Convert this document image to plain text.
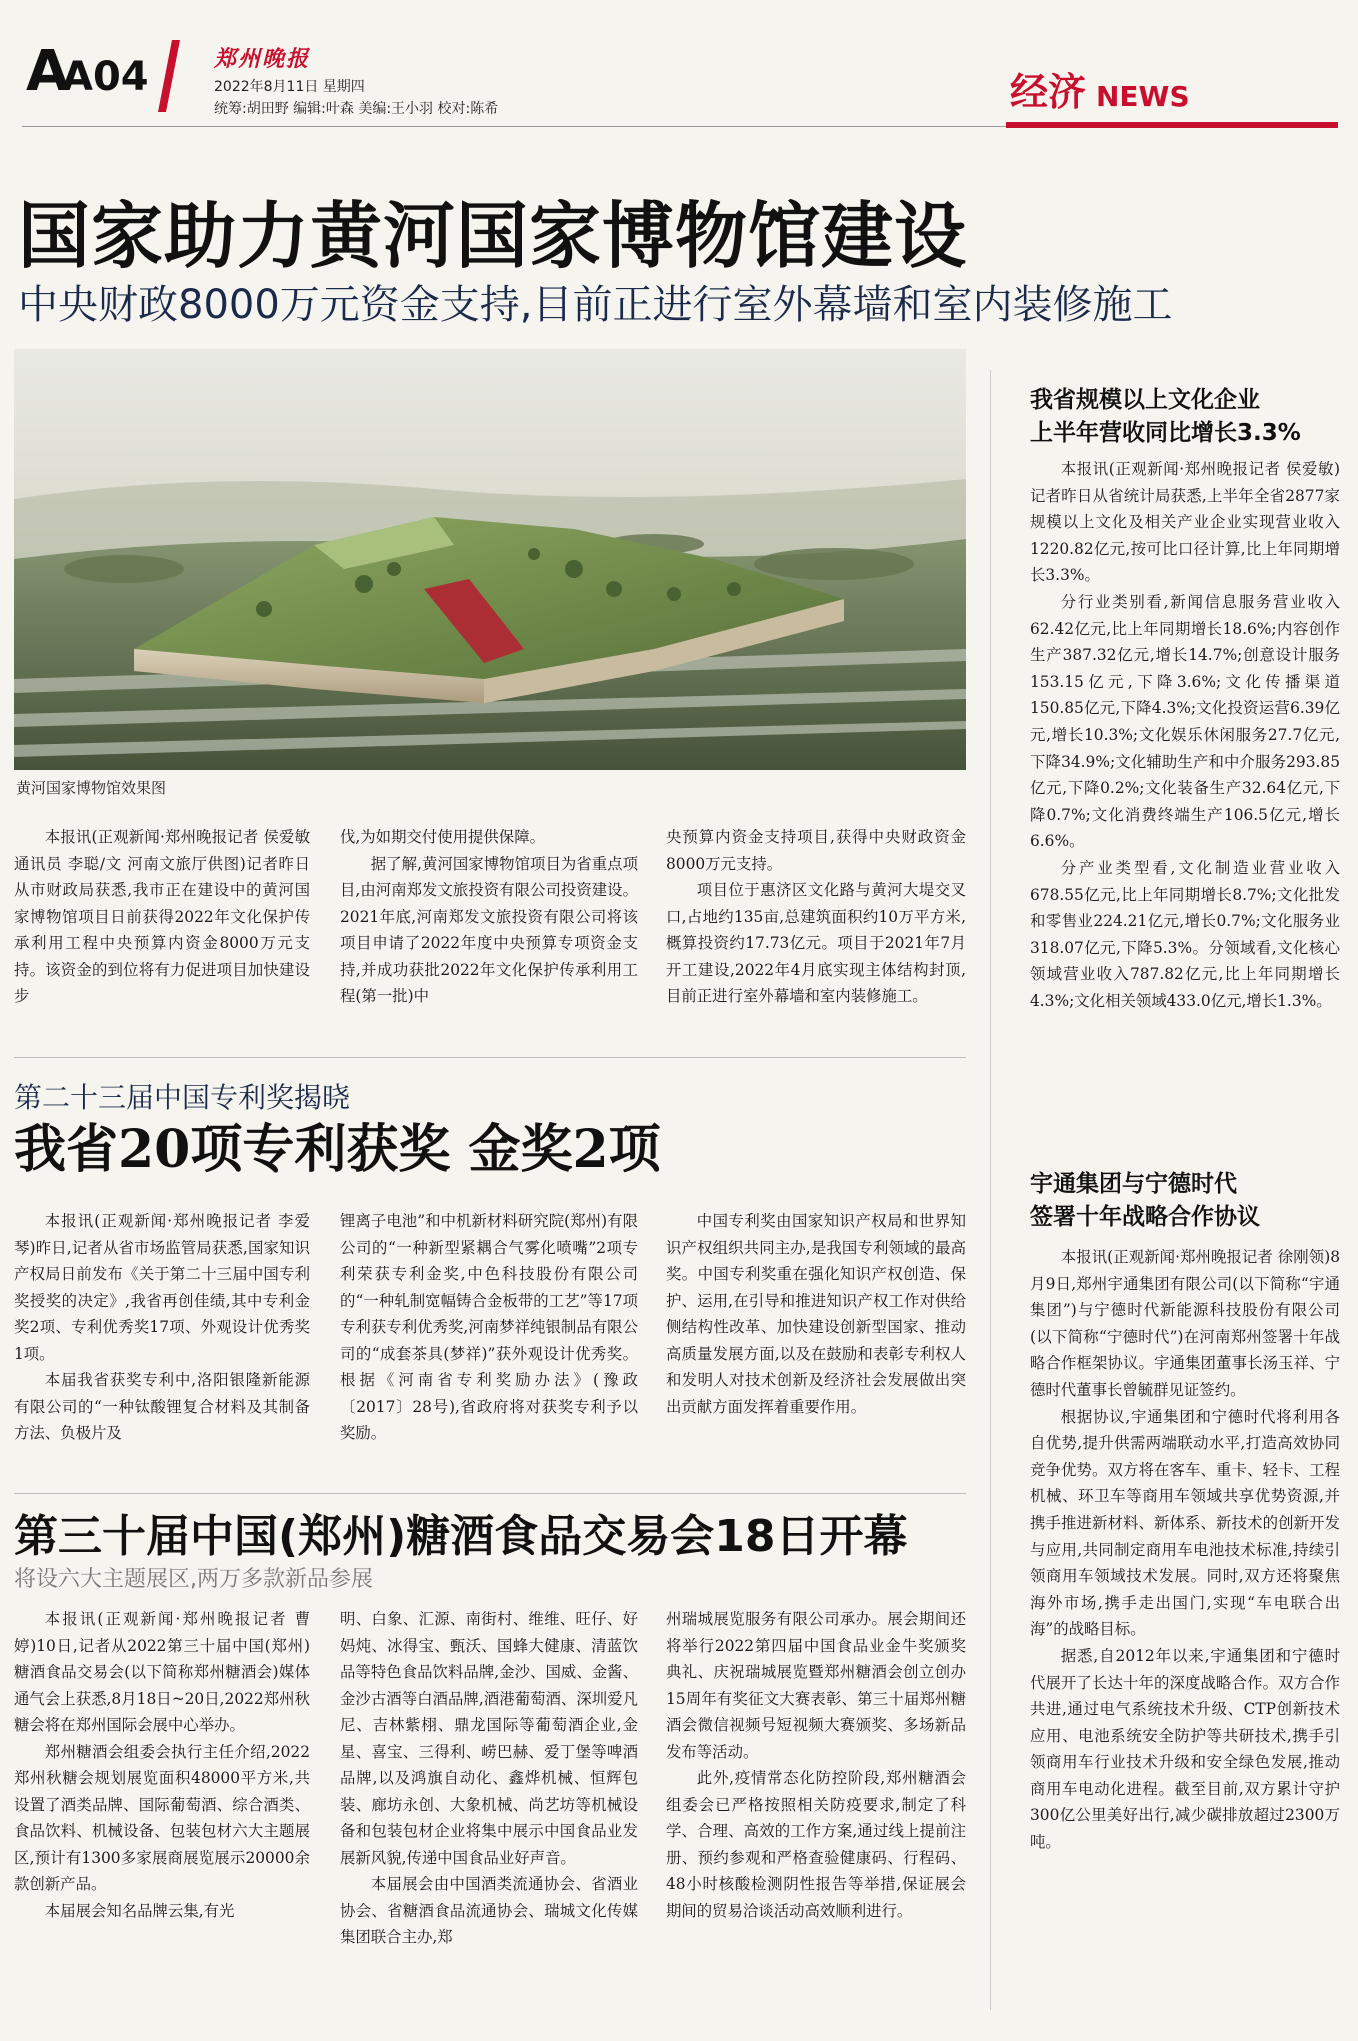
A
A04	郑州晚报
2022年8月11日 星期四
统筹:胡田野 编辑:叶森 美编:王小羽 校对:陈希	经济 NEWS
国家助力黄河国家博物馆建设
中央财政8000万元资金支持,目前正进行室外幕墙和室内装修施工
黄河国家博物馆效果图

本报讯(正观新闻·郑州晚报记者 侯爱敏 通讯员 李聪/文 河南文旅厅供图)记者昨日从市财政局获悉,我市正在建设中的黄河国家博物馆项目日前获得2022年文化保护传承利用工程中央预算内资金8000万元支持。该资金的到位将有力促进项目加快建设步

伐,为如期交付使用提供保障。

据了解,黄河国家博物馆项目为省重点项目,由河南郑发文旅投资有限公司投资建设。2021年底,河南郑发文旅投资有限公司将该项目申请了2022年度中央预算专项资金支持,并成功获批2022年文化保护传承利用工程(第一批)中

央预算内资金支持项目,获得中央财政资金8000万元支持。

项目位于惠济区文化路与黄河大堤交叉口,占地约135亩,总建筑面积约10万平方米,概算投资约17.73亿元。项目于2021年7月开工建设,2022年4月底实现主体结构封顶,目前正进行室外幕墙和室内装修施工。

第二十三届中国专利奖揭晓
我省20项专利获奖 金奖2项

本报讯(正观新闻·郑州晚报记者 李爱琴)昨日,记者从省市场监管局获悉,国家知识产权局日前发布《关于第二十三届中国专利奖授奖的决定》,我省再创佳绩,其中专利金奖2项、专利优秀奖17项、外观设计优秀奖1项。

本届我省获奖专利中,洛阳银隆新能源有限公司的“一种钛酸锂复合材料及其制备方法、负极片及

锂离子电池”和中机新材料研究院(郑州)有限公司的“一种新型紧耦合气雾化喷嘴”2项专利荣获专利金奖,中色科技股份有限公司的“一种轧制宽幅铸合金板带的工艺”等17项专利获专利优秀奖,河南梦祥纯银制品有限公司的“成套茶具(梦祥)”获外观设计优秀奖。根据《河南省专利奖励办法》(豫政〔2017〕28号),省政府将对获奖专利予以奖励。

中国专利奖由国家知识产权局和世界知识产权组织共同主办,是我国专利领域的最高奖。中国专利奖重在强化知识产权创造、保护、运用,在引导和推进知识产权工作对供给侧结构性改革、加快建设创新型国家、推动高质量发展方面,以及在鼓励和表彰专利权人和发明人对技术创新及经济社会发展做出突出贡献方面发挥着重要作用。

第三十届中国(郑州)糖酒食品交易会18日开幕
将设六大主题展区,两万多款新品参展

本报讯(正观新闻·郑州晚报记者 曹婷)10日,记者从2022第三十届中国(郑州)糖酒食品交易会(以下简称郑州糖酒会)媒体通气会上获悉,8月18日~20日,2022郑州秋糖会将在郑州国际会展中心举办。

郑州糖酒会组委会执行主任介绍,2022郑州秋糖会规划展览面积48000平方米,共设置了酒类品牌、国际葡萄酒、综合酒类、食品饮料、机械设备、包装包材六大主题展区,预计有1300多家展商展览展示20000余款创新产品。

本届展会知名品牌云集,有光

明、白象、汇源、南街村、维维、旺仔、好妈炖、冰得宝、甄沃、国蜂大健康、清蓝饮品等特色食品饮料品牌,金沙、国威、金酱、金沙古酒等白酒品牌,酒港葡萄酒、深圳爱凡尼、吉林紫栩、鼎龙国际等葡萄酒企业,金星、喜宝、三得利、崂巴赫、爱丁堡等啤酒品牌,以及鸿旗自动化、鑫烨机械、恒辉包装、廊坊永创、大象机械、尚艺坊等机械设备和包装包材企业将集中展示中国食品业发展新风貌,传递中国食品业好声音。

本届展会由中国酒类流通协会、省酒业协会、省糖酒食品流通协会、瑞城文化传媒集团联合主办,郑

州瑞城展览服务有限公司承办。展会期间还将举行2022第四届中国食品业金牛奖颁奖典礼、庆祝瑞城展览暨郑州糖酒会创立创办15周年有奖征文大赛表彰、第三十届郑州糖酒会微信视频号短视频大赛颁奖、多场新品发布等活动。

此外,疫情常态化防控阶段,郑州糖酒会组委会已严格按照相关防疫要求,制定了科学、合理、高效的工作方案,通过线上提前注册、预约参观和严格查验健康码、行程码、48小时核酸检测阴性报告等举措,保证展会期间的贸易洽谈活动高效顺利进行。

我省规模以上文化企业
上半年营收同比增长3.3%

本报讯(正观新闻·郑州晚报记者 侯爱敏)记者昨日从省统计局获悉,上半年全省2877家规模以上文化及相关产业企业实现营业收入1220.82亿元,按可比口径计算,比上年同期增长3.3%。

分行业类别看,新闻信息服务营业收入62.42亿元,比上年同期增长18.6%;内容创作生产387.32亿元,增长14.7%;创意设计服务153.15亿元,下降3.6%;文化传播渠道150.85亿元,下降4.3%;文化投资运营6.39亿元,增长10.3%;文化娱乐休闲服务27.7亿元,下降34.9%;文化辅助生产和中介服务293.85亿元,下降0.2%;文化装备生产32.64亿元,下降0.7%;文化消费终端生产106.5亿元,增长6.6%。

分产业类型看,文化制造业营业收入678.55亿元,比上年同期增长8.7%;文化批发和零售业224.21亿元,增长0.7%;文化服务业318.07亿元,下降5.3%。分领域看,文化核心领域营业收入787.82亿元,比上年同期增长4.3%;文化相关领域433.0亿元,增长1.3%。

宇通集团与宁德时代
签署十年战略合作协议

本报讯(正观新闻·郑州晚报记者 徐刚领)8月9日,郑州宇通集团有限公司(以下简称“宇通集团”)与宁德时代新能源科技股份有限公司(以下简称“宁德时代”)在河南郑州签署十年战略合作框架协议。宇通集团董事长汤玉祥、宁德时代董事长曾毓群见证签约。

根据协议,宇通集团和宁德时代将利用各自优势,提升供需两端联动水平,打造高效协同竞争优势。双方将在客车、重卡、轻卡、工程机械、环卫车等商用车领域共享优势资源,并携手推进新材料、新体系、新技术的创新开发与应用,共同制定商用车电池技术标准,持续引领商用车领域技术发展。同时,双方还将聚焦海外市场,携手走出国门,实现“车电联合出海”的战略目标。

据悉,自2012年以来,宇通集团和宁德时代展开了长达十年的深度战略合作。双方合作共进,通过电气系统技术升级、CTP创新技术应用、电池系统安全防护等共研技术,携手引领商用车行业技术升级和安全绿色发展,推动商用车电动化进程。截至目前,双方累计守护300亿公里美好出行,减少碳排放超过2300万吨。
